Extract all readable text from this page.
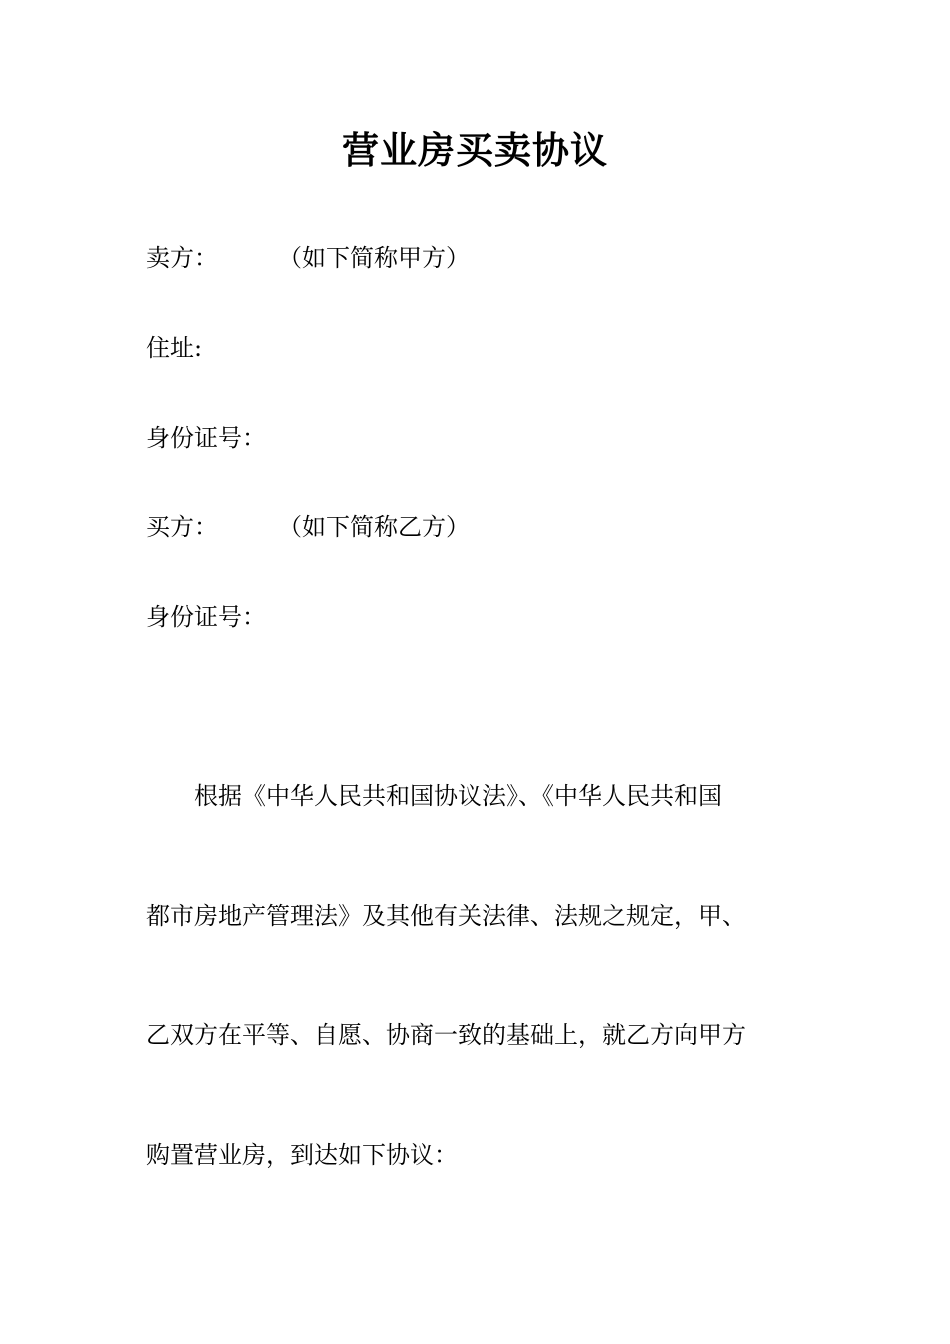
营业房买卖协议
卖方：	（如下简称甲方）
住址:
身份证号：
买方：	（如下简称乙方）
身份证号：
根据《中华人民共和国协议法》、《中华人民共和国
都市房地产管理法》及其他有关法律、法规之规定，甲、
乙双方在平等、自愿、协商一致的基础上，就乙方向甲方
购置营业房，到达如下协议：
